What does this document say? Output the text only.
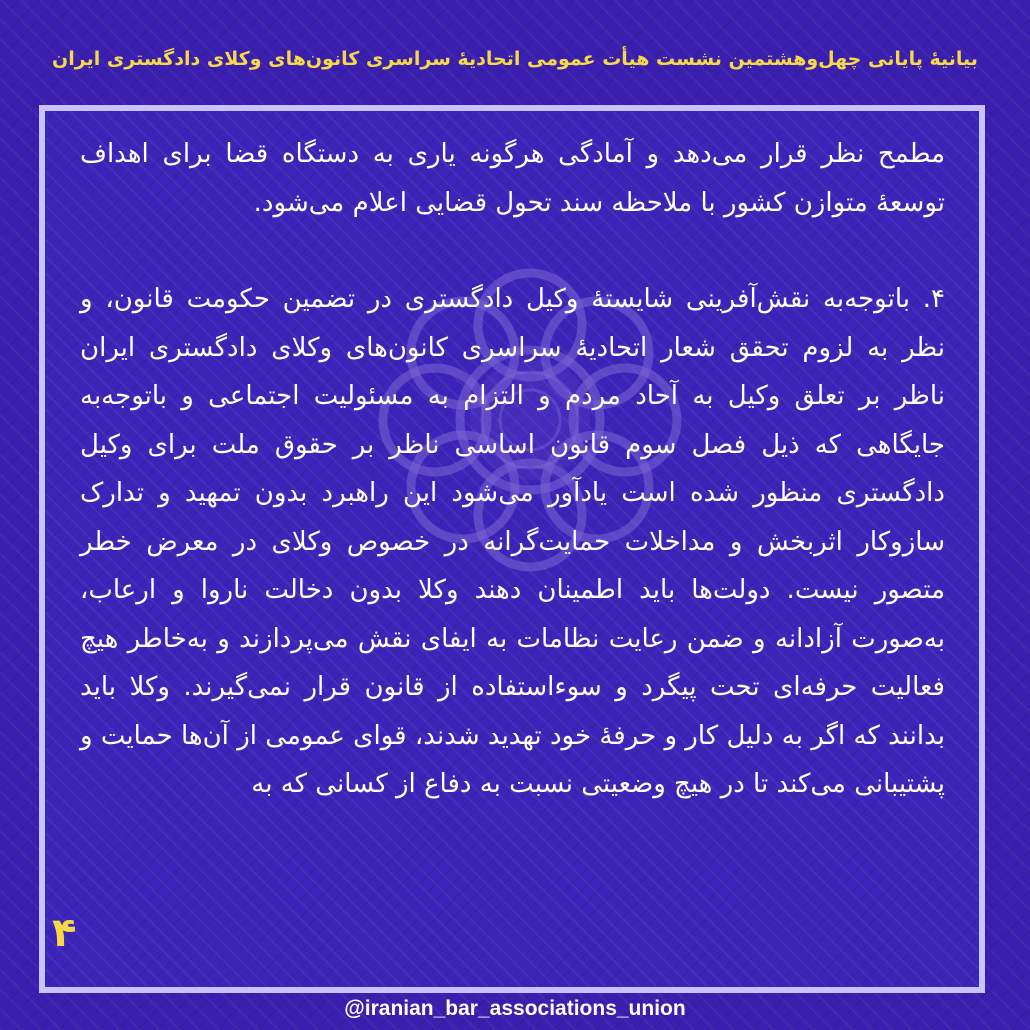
بیانیهٔ پایانی چهل‌وهشتمین نشست هیأت عمومی اتحادیهٔ سراسری کانون‌های وکلای دادگستری ایران

مطمح نظر قرار می‌دهد و آمادگی هرگونه یاری به دستگاه قضا برای اهداف توسعهٔ متوازن کشور با ملاحظه سند تحول قضایی اعلام می‌شود.

۴. باتوجه‌به نقش‌آفرینی شایستهٔ وکیل دادگستری در تضمین حکومت قانون، و نظر به لزوم تحقق شعار اتحادیهٔ سراسری کانون‌های وکلای دادگستری ایران ناظر بر تعلق وکیل به آحاد مردم و التزام به مسئولیت اجتماعی و باتوجه‌به جایگاهی که ذیل فصل سوم قانون اساسی ناظر بر حقوق ملت برای وکیل دادگستری منظور شده است یادآور می‌شود این راهبرد بدون تمهید و تدارک سازوکار اثربخش و مداخلات حمایت‌گرانه در خصوص وکلای در معرض خطر متصور نیست. دولت‌ها باید اطمینان دهند وکلا بدون دخالت ناروا و ارعاب، به‌صورت آزادانه و ضمن رعایت نظامات به ایفای نقش می‌پردازند و به‌خاطر هیچ فعالیت حرفه‌ای تحت پیگرد و سوءاستفاده از قانون قرار نمی‌گیرند. وکلا باید بدانند که اگر به دلیل کار و حرفهٔ خود تهدید شدند، قوای عمومی از آن‌ها حمایت و پشتیبانی می‌کند تا در هیچ وضعیتی نسبت به دفاع از کسانی که به

۴
@iranian_bar_associations_union
